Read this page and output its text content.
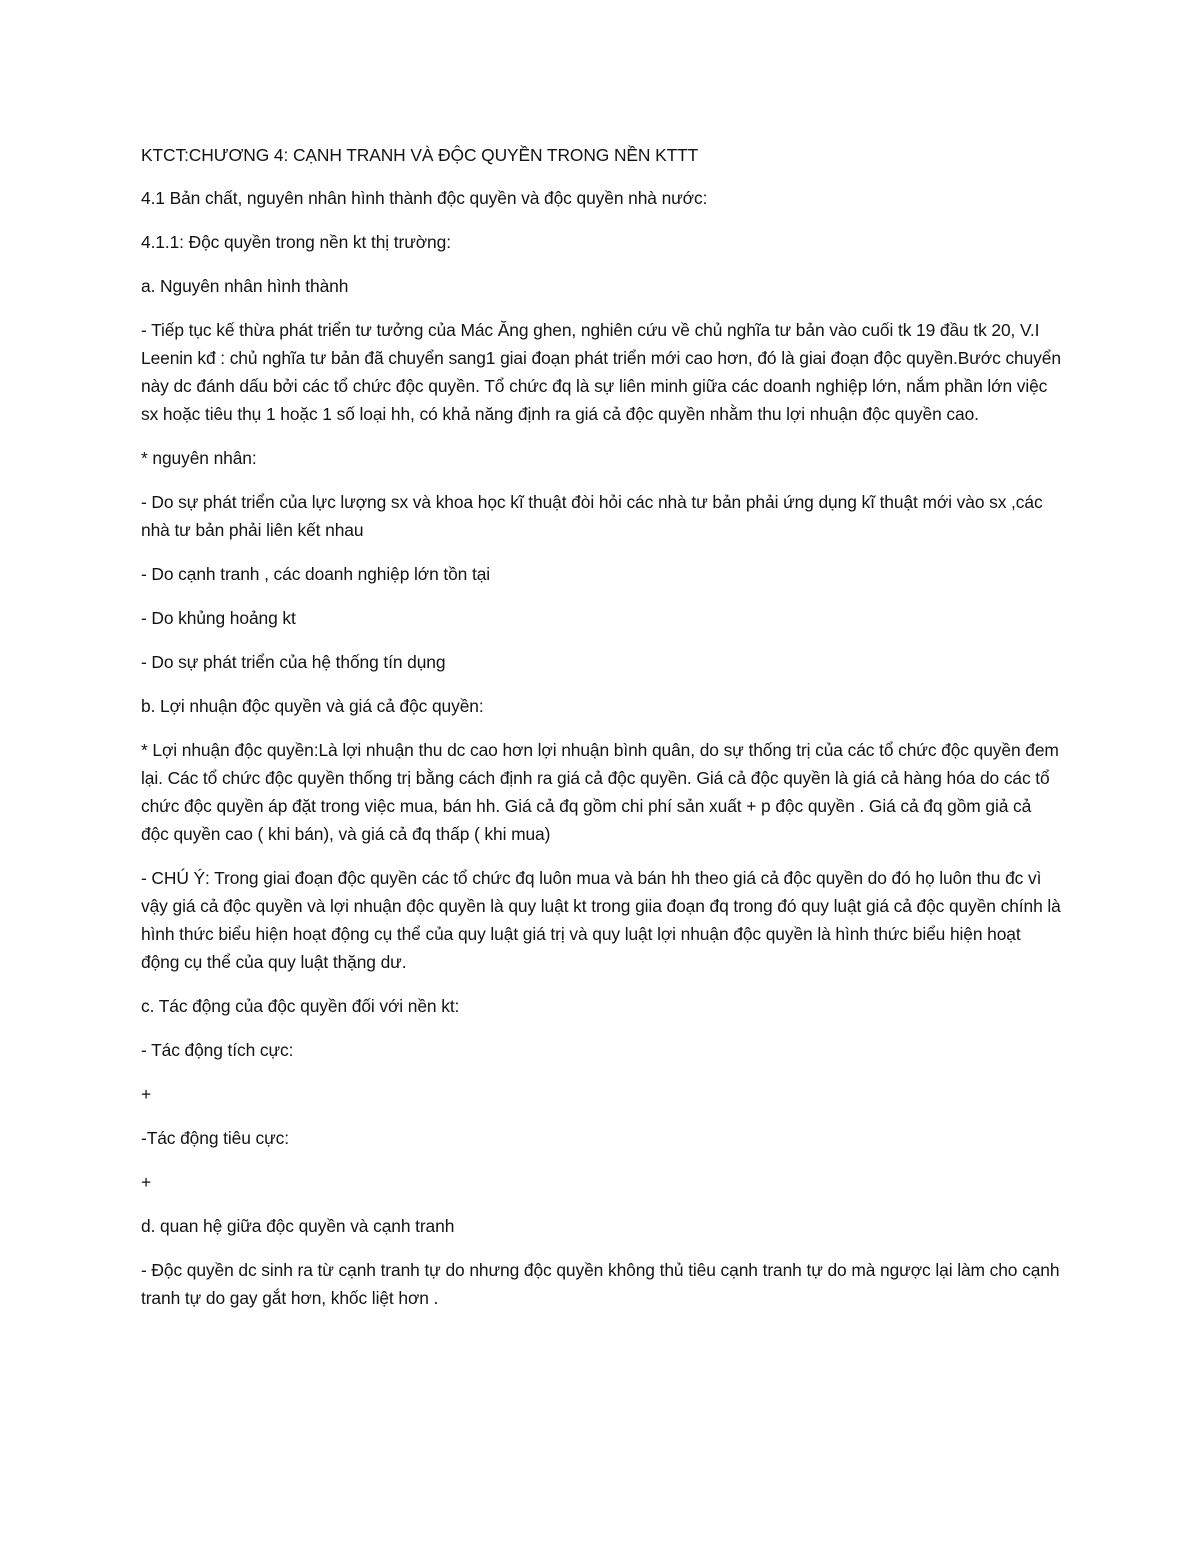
KTCT:CHƯƠNG 4: CẠNH TRANH VÀ ĐỘC QUYỀN TRONG NỀN KTTT

4.1 Bản chất, nguyên nhân hình thành độc quyền và độc quyền nhà nước:

4.1.1: Độc quyền trong nền kt thị trường:

a. Nguyên nhân hình thành

- Tiếp tục kế thừa phát triển tư tưởng của Mác Ăng ghen, nghiên cứu về chủ nghĩa tư bản vào cuối tk 19 đầu tk 20, V.I Leenin kđ : chủ nghĩa tư bản đã chuyển sang1 giai đoạn phát triển mới cao hơn, đó là giai đoạn độc quyền.Bước chuyển này dc đánh dấu bởi các tổ chức độc quyền. Tổ chức đq là sự liên minh giữa các doanh nghiệp lớn, nắm phần lớn việc sx hoặc tiêu thụ 1 hoặc 1 số loại hh, có khả năng định ra giá cả độc quyền nhằm thu lợi nhuận độc quyền cao.

* nguyên nhân:

- Do sự phát triển của lực lượng sx và khoa học kĩ thuật đòi hỏi các nhà tư bản phải ứng dụng kĩ thuật mới vào sx ,các nhà tư bản phải liên kết nhau

- Do cạnh tranh , các doanh nghiệp lớn tồn tại

- Do khủng hoảng kt

- Do sự phát triển của hệ thống tín dụng

b. Lợi nhuận độc quyền và giá cả độc quyền:

* Lợi nhuận độc quyền:Là lợi nhuận thu dc cao hơn lợi nhuận bình quân, do sự thống trị của các tổ chức độc quyền đem lại. Các tổ chức độc quyền thống trị bằng cách định ra giá cả độc quyền. Giá cả độc quyền là giá cả hàng hóa do các tổ chức độc quyền áp đặt trong việc mua, bán hh. Giá cả đq gồm chi phí sản xuất + p độc quyền . Giá cả đq gồm giả cả độc quyền cao ( khi bán), và giá cả đq thấp ( khi mua)

- CHÚ Ý: Trong giai đoạn độc quyền các tổ chức đq luôn mua và bán hh theo giá cả độc quyền do đó họ luôn thu đc vì vậy giá cả độc quyền và lợi nhuận độc quyền là quy luật kt trong giia đoạn đq trong đó quy luật giá cả độc quyền chính là hình thức biểu hiện hoạt động cụ thể của quy luật giá trị và quy luật lợi nhuận độc quyền là hình thức biểu hiện hoạt động cụ thể của quy luật thặng dư.

c. Tác động của độc quyền đối với nền kt:

- Tác động tích cực:

+

-Tác động tiêu cực:

+

d. quan hệ giữa độc quyền và cạnh tranh

- Độc quyền dc sinh ra từ cạnh tranh tự do nhưng độc quyền không thủ tiêu cạnh tranh tự do mà ngược lại làm cho cạnh tranh tự do gay gắt hơn, khốc liệt hơn .
